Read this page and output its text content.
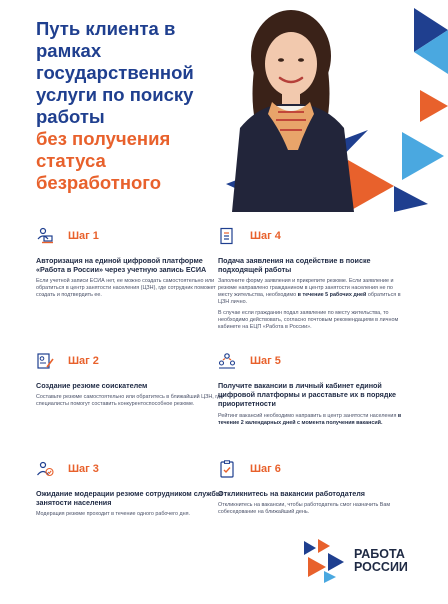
Путь клиента в рамках государственной услуги по поиску работы
без получения статуса безработного
Шаг 1
Авторизация на единой цифровой платформе «Работа в России» через учетную запись ЕСИА
Если учетной записи ЕСИА нет, ее можно создать самостоятельно или обратиться в центр занятости населения (ЦЗН), где сотрудник поможет создать и подтвердить ее.
Шаг 4
Подача заявления на содействие в поиске подходящей работы
Заполните форму заявления и прикрепите резюме. Если заявление и резюме направлено гражданином в центр занятости населения не по месту жительства, необходимо в течение 5 рабочих дней обратиться в ЦЗН лично.
В случае если гражданин подал заявление по месту жительства, то необходимо действовать, согласно почтовым рекомендациям в личном кабинете на ЕЦП «Работа в России».
Шаг 2
Создание резюме соискателем
Составьте резюме самостоятельно или обратитесь в ближайший ЦЗН, где специалисты помогут составить конкурентоспособное резюме.
Шаг 5
Получите вакансии в личный кабинет единой цифровой платформы и расставьте их в порядке приоритетности
Рейтинг вакансий необходимо направить в центр занятости населения в течение 2 календарных дней с момента получения вакансий.
Шаг 3
Ожидание модерации резюме сотрудником службы занятости населения
Модерация резюме проходит в течение одного рабочего дня.
Шаг 6
Откликнитесь на вакансии работодателя
Откликнитесь на вакансии, чтобы работодатель смог назначить Вам собеседование на ближайший день.
РАБОТА
РОССИИ
